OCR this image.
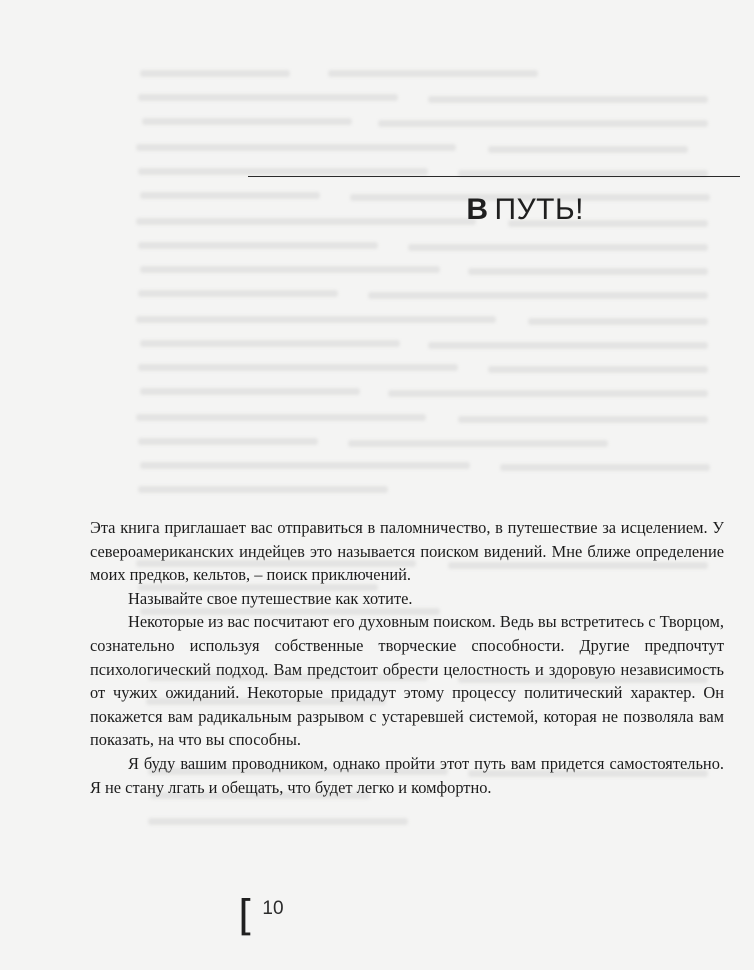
В ПУТЬ!

Эта книга приглашает вас отправиться в паломничество, в путешествие за исцелением. У североамериканских индейцев это называется поиском видений. Мне ближе определение моих предков, кельтов, – поиск приключений.

Называйте свое путешествие как хотите.

Некоторые из вас посчитают его духовным поиском. Ведь вы встретитесь с Творцом, сознательно используя собственные творческие способности. Другие предпочтут психологический подход. Вам предстоит обрести целостность и здоровую независимость от чужих ожиданий. Некоторые придадут этому процессу политический характер. Он покажется вам радикальным разрывом с устаревшей системой, которая не позволяла вам показать, на что вы способны.

Я буду вашим проводником, однако пройти этот путь вам придется самостоятельно. Я не стану лгать и обещать, что будет легко и комфортно.

[ 10
